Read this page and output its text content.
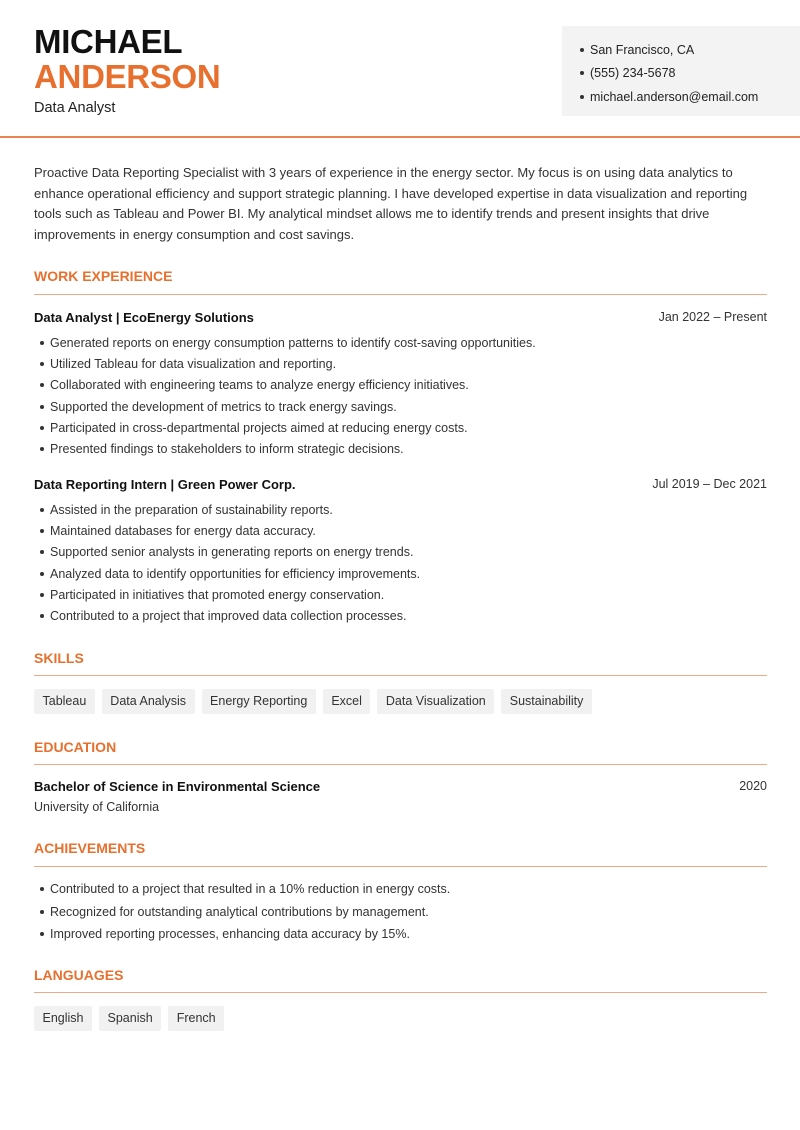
MICHAEL
ANDERSON
Data Analyst
San Francisco, CA
(555) 234-5678
michael.anderson@email.com

Proactive Data Reporting Specialist with 3 years of experience in the energy sector. My focus is on using data analytics to enhance operational efficiency and support strategic planning. I have developed expertise in data visualization and reporting tools such as Tableau and Power BI. My analytical mindset allows me to identify trends and present insights that drive improvements in energy consumption and cost savings.

WORK EXPERIENCE
Data Analyst | EcoEnergy Solutions	Jan 2022 – Present
Generated reports on energy consumption patterns to identify cost-saving opportunities.
Utilized Tableau for data visualization and reporting.
Collaborated with engineering teams to analyze energy efficiency initiatives.
Supported the development of metrics to track energy savings.
Participated in cross-departmental projects aimed at reducing energy costs.
Presented findings to stakeholders to inform strategic decisions.
Data Reporting Intern | Green Power Corp.	Jul 2019 – Dec 2021
Assisted in the preparation of sustainability reports.
Maintained databases for energy data accuracy.
Supported senior analysts in generating reports on energy trends.
Analyzed data to identify opportunities for efficiency improvements.
Participated in initiatives that promoted energy conservation.
Contributed to a project that improved data collection processes.
SKILLS
Tableau	Data Analysis	Energy Reporting	Excel	Data Visualization	Sustainability
EDUCATION
Bachelor of Science in Environmental Science	2020
University of California
ACHIEVEMENTS
Contributed to a project that resulted in a 10% reduction in energy costs.
Recognized for outstanding analytical contributions by management.
Improved reporting processes, enhancing data accuracy by 15%.
LANGUAGES
English	Spanish	French
